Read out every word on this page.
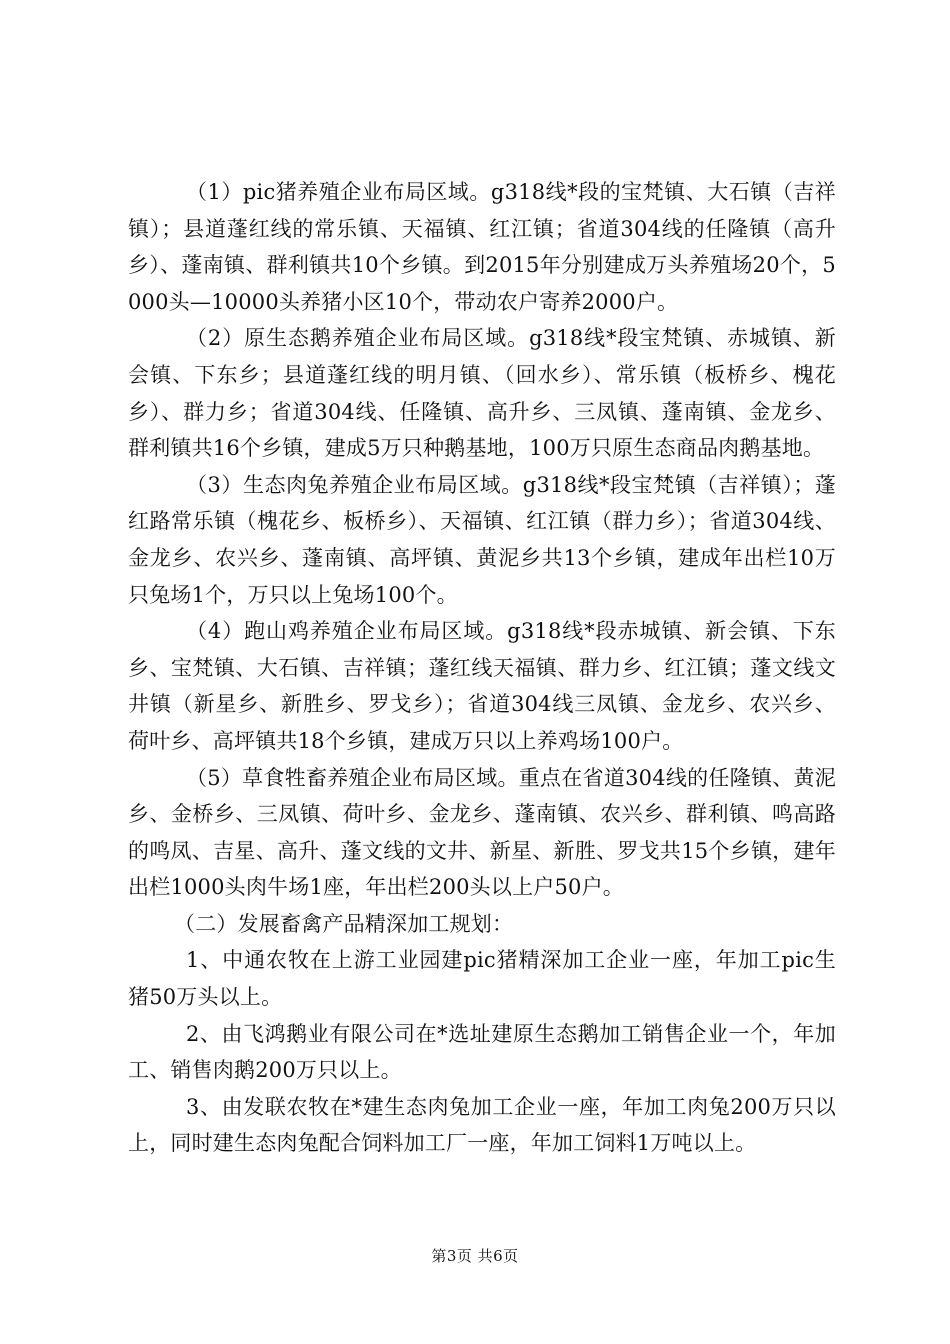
（1）pic猪养殖企业布局区域。g318线*段的宝梵镇、大石镇（吉祥镇）；县道蓬红线的常乐镇、天福镇、红江镇；省道304线的任隆镇（高升乡）、蓬南镇、群利镇共10个乡镇。到2015年分别建成万头养殖场20个，5000头—10000头养猪小区10个，带动农户寄养2000户。

（2）原生态鹅养殖企业布局区域。g318线*段宝梵镇、赤城镇、新会镇、下东乡；县道蓬红线的明月镇、（回水乡）、常乐镇（板桥乡、槐花乡）、群力乡；省道304线、任隆镇、高升乡、三凤镇、蓬南镇、金龙乡、群利镇共16个乡镇，建成5万只种鹅基地，100万只原生态商品肉鹅基地。

（3）生态肉兔养殖企业布局区域。g318线*段宝梵镇（吉祥镇）；蓬红路常乐镇（槐花乡、板桥乡）、天福镇、红江镇（群力乡）；省道304线、金龙乡、农兴乡、蓬南镇、高坪镇、黄泥乡共13个乡镇，建成年出栏10万只兔场1个，万只以上兔场100个。

（4）跑山鸡养殖企业布局区域。g318线*段赤城镇、新会镇、下东乡、宝梵镇、大石镇、吉祥镇；蓬红线天福镇、群力乡、红江镇；蓬文线文井镇（新星乡、新胜乡、罗戈乡）；省道304线三凤镇、金龙乡、农兴乡、荷叶乡、高坪镇共18个乡镇，建成万只以上养鸡场100户。

（5）草食牲畜养殖企业布局区域。重点在省道304线的任隆镇、黄泥乡、金桥乡、三凤镇、荷叶乡、金龙乡、蓬南镇、农兴乡、群利镇、鸣高路的鸣凤、吉星、高升、蓬文线的文井、新星、新胜、罗戈共15个乡镇，建年出栏1000头肉牛场1座，年出栏200头以上户50户。

（二）发展畜禽产品精深加工规划：

1、中通农牧在上游工业园建pic猪精深加工企业一座，年加工pic生猪50万头以上。

2、由飞鸿鹅业有限公司在*选址建原生态鹅加工销售企业一个，年加工、销售肉鹅200万只以上。

3、由发联农牧在*建生态肉兔加工企业一座，年加工肉兔200万只以上，同时建生态肉兔配合饲料加工厂一座，年加工饲料1万吨以上。

第3页 共6页
